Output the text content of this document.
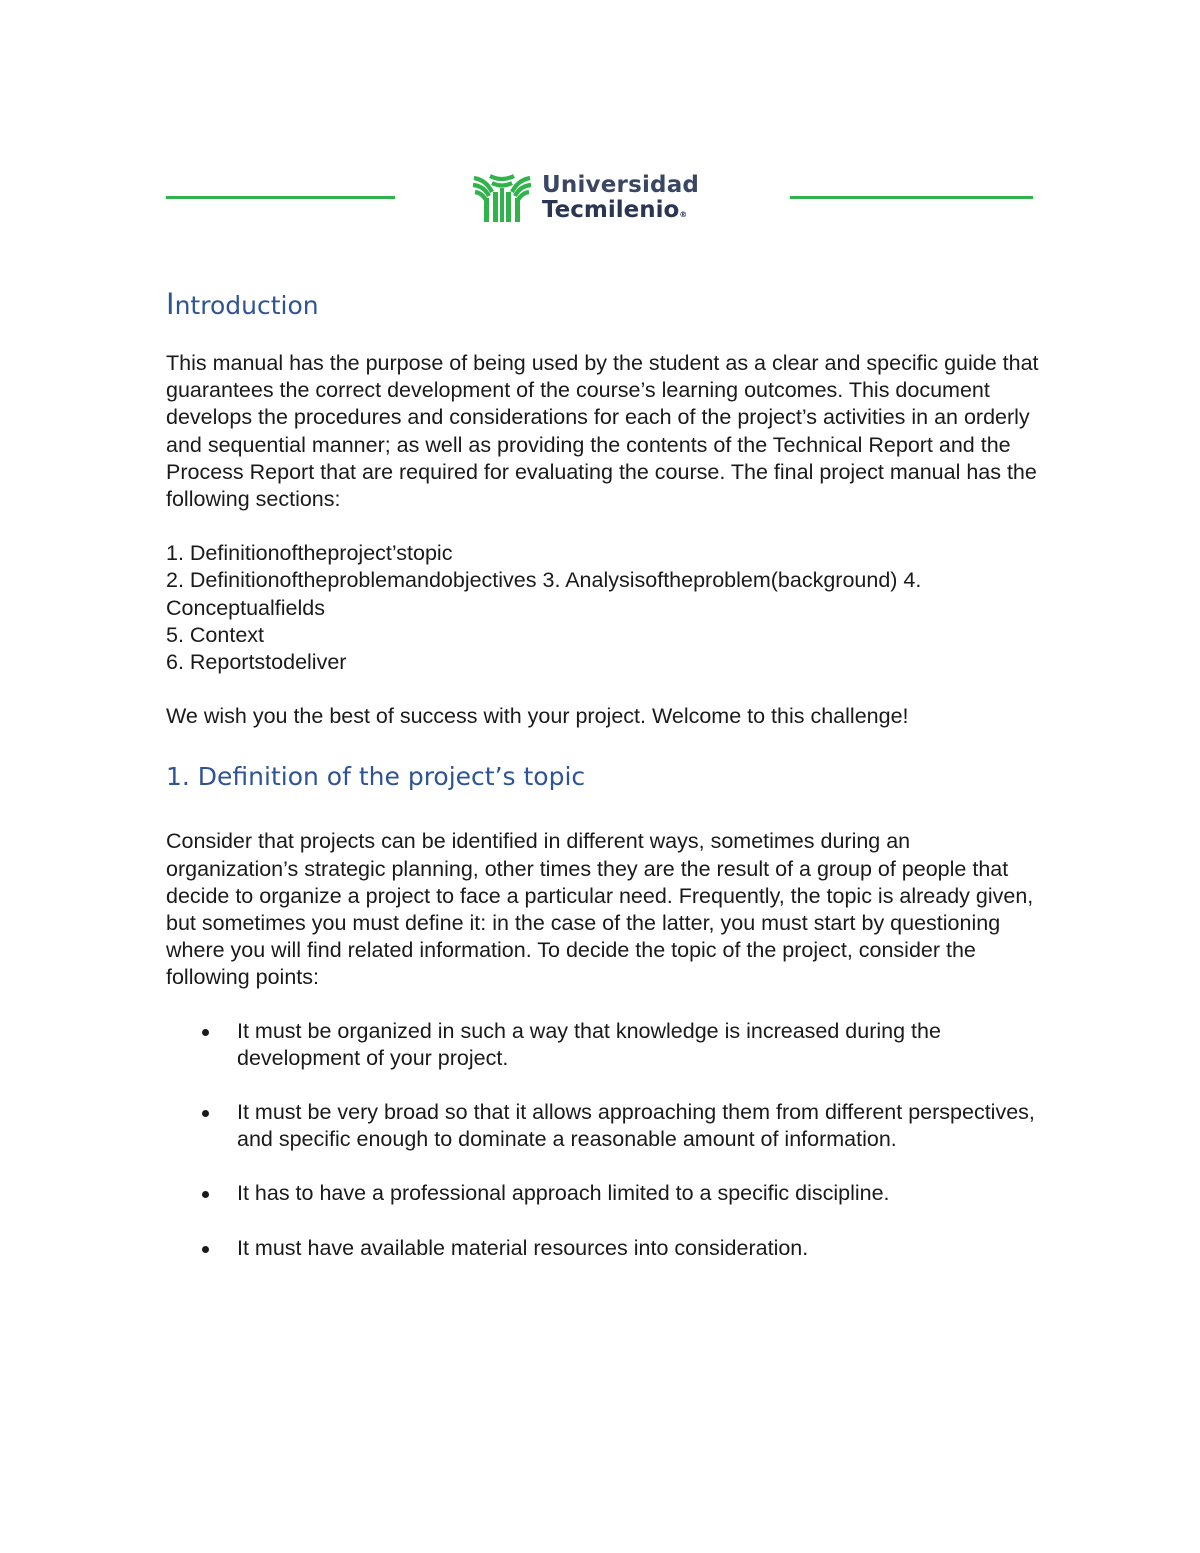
Universidad
Tecmilenio®
Introduction

This manual has the purpose of being used by the student as a clear and specific guide that guarantees the correct development of the course’s learning outcomes. This document develops the procedures and considerations for each of the project’s activities in an orderly and sequential manner; as well as providing the contents of the Technical Report and the Process Report that are required for evaluating the course. The final project manual has the following sections:

1. Definitionoftheproject’stopic
2. Definitionoftheproblemandobjectives 3. Analysisoftheproblem(background) 4. Conceptualfields
5. Context
6. Reportstodeliver

We wish you the best of success with your project. Welcome to this challenge!

1. Definition of the project’s topic

Consider that projects can be identified in different ways, sometimes during an organization’s strategic planning, other times they are the result of a group of people that decide to organize a project to face a particular need. Frequently, the topic is already given, but sometimes you must define it: in the case of the latter, you must start by questioning where you will find related information. To decide the topic of the project, consider the following points:

It must be organized in such a way that knowledge is increased during the development of your project.
It must be very broad so that it allows approaching them from different perspectives, and specific enough to dominate a reasonable amount of information.
It has to have a professional approach limited to a specific discipline.
It must have available material resources into consideration.
